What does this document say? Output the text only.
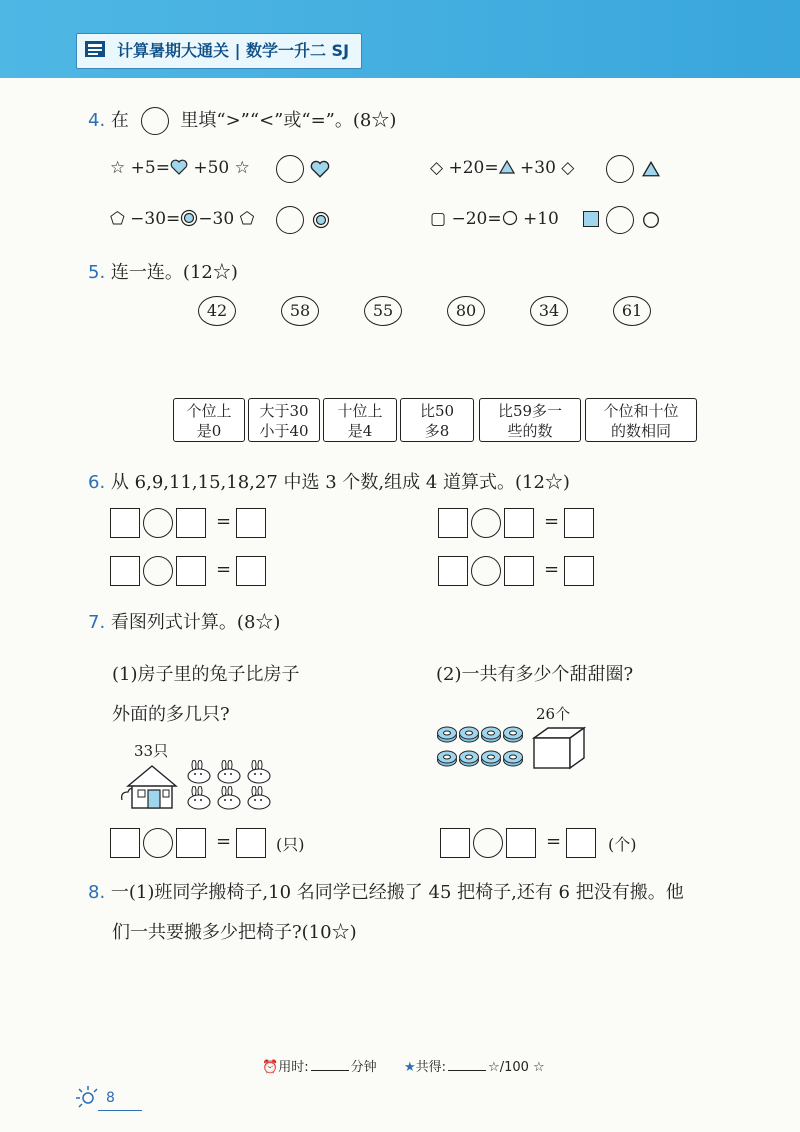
计算暑期大通关 | 数学一升二 SJ
4. 在	里填“>”“<”或“=”。(8☆)
☆ +5= +50 ☆	◇ +20= +30 ◇
⬠ −30= −30 ⬠	▢ −20= +10
5. 连一连。(12☆)
42	58	55	80	34	61
个位上
是0
大于30
小于40
十位上
是4
比50
多8
比59多一
些的数
个位和十位
的数相同
6. 从 6,9,11,15,18,27 中选 3 个数,组成 4 道算式。(12☆)
=	=
=	=
7. 看图列式计算。(8☆)
(1)房子里的兔子比房子
外面的多几只?
(2)一共有多少个甜甜圈?
33只
=	(只)
26个
=	(个)
8. 一(1)班同学搬椅子,10 名同学已经搬了 45 把椅子,还有 6 把没有搬。他
们一共要搬多少把椅子?(10☆)
⏰用时:	分钟 ★共得:	☆/100 ☆
8
